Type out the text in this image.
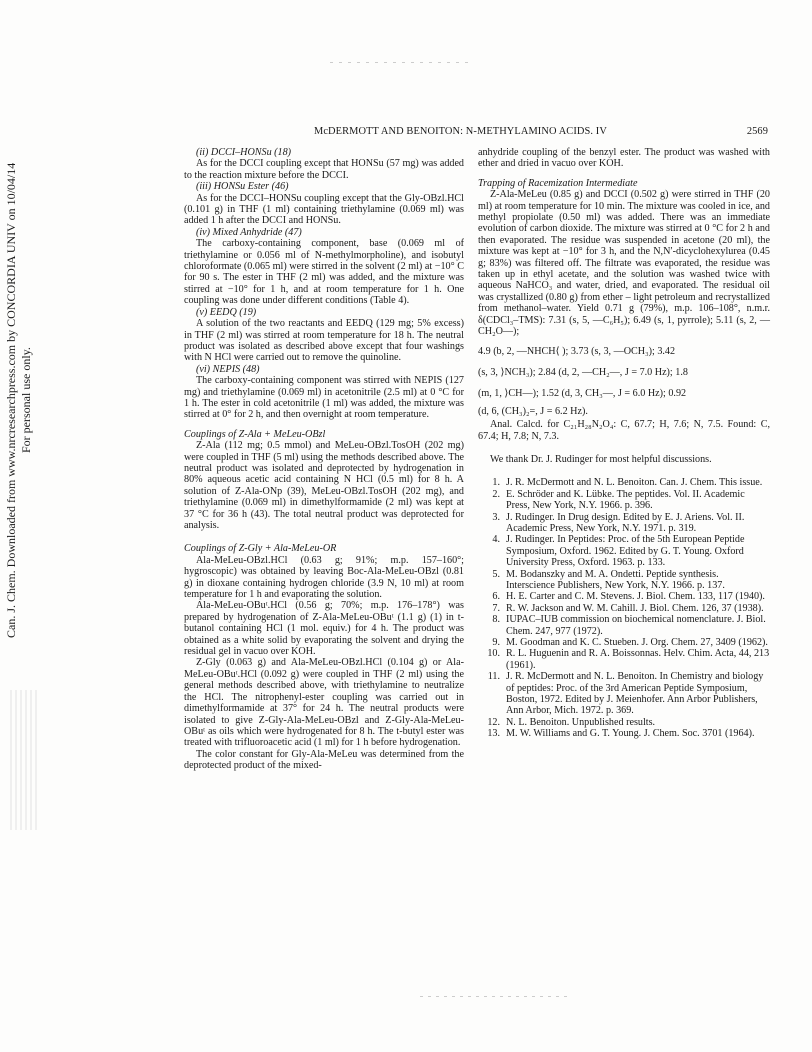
Can. J. Chem. Downloaded from www.nrcresearchpress.com by CONCORDIA UNIV on 10/04/14
For personal use only.
McDERMOTT AND BENOITON: N-METHYLAMINO ACIDS. IV	2569
(ii) DCCI–HONSu (18)

As for the DCCI coupling except that HONSu (57 mg) was added to the reaction mixture before the DCCI.

(iii) HONSu Ester (46)

As for the DCCI–HONSu coupling except that the Gly-OBzl.HCl (0.101 g) in THF (1 ml) containing triethylamine (0.069 ml) was added 1 h after the DCCI and HONSu.

(iv) Mixed Anhydride (47)

The carboxy-containing component, base (0.069 ml of triethylamine or 0.056 ml of N-methylmorpholine), and isobutyl chloroformate (0.065 ml) were stirred in the solvent (2 ml) at −10° C for 90 s. The ester in THF (2 ml) was added, and the mixture was stirred at −10° for 1 h, and at room temperature for 1 h. One coupling was done under different conditions (Table 4).

(v) EEDQ (19)

A solution of the two reactants and EEDQ (129 mg; 5% excess) in THF (2 ml) was stirred at room temperature for 18 h. The neutral product was isolated as described above except that four washings with N HCl were carried out to remove the quinoline.

(vi) NEPIS (48)

The carboxy-containing component was stirred with NEPIS (127 mg) and triethylamine (0.069 ml) in acetonitrile (2.5 ml) at 0 °C for 1 h. The ester in cold acetonitrile (1 ml) was added, the mixture was stirred at 0° for 2 h, and then overnight at room temperature.

Couplings of Z-Ala + MeLeu-OBzl

Z-Ala (112 mg; 0.5 mmol) and MeLeu-OBzl.TosOH (202 mg) were coupled in THF (5 ml) using the methods described above. The neutral product was isolated and deprotected by hydrogenation in 80% aqueous acetic acid containing N HCl (0.5 ml) for 8 h. A solution of Z-Ala-ONp (39), MeLeu-OBzl.TosOH (202 mg), and triethylamine (0.069 ml) in dimethylformamide (2 ml) was kept at 37 °C for 36 h (43). The total neutral product was deprotected for analysis.

Couplings of Z-Gly + Ala-MeLeu-OR

Ala-MeLeu-OBzl.HCl (0.63 g; 91%; m.p. 157–160°; hygroscopic) was obtained by leaving Boc-Ala-MeLeu-OBzl (0.81 g) in dioxane containing hydrogen chloride (3.9 N, 10 ml) at room temperature for 1 h and evaporating the solution.

Ala-MeLeu-OBuᵗ.HCl (0.56 g; 70%; m.p. 176–178°) was prepared by hydrogenation of Z-Ala-MeLeu-OBuᵗ (1.1 g) (1) in t-butanol containing HCl (1 mol. equiv.) for 4 h. The product was obtained as a white solid by evaporating the solvent and drying the residual gel in vacuo over KOH.

Z-Gly (0.063 g) and Ala-MeLeu-OBzl.HCl (0.104 g) or Ala-MeLeu-OBuᵗ.HCl (0.092 g) were coupled in THF (2 ml) using the general methods described above, with triethylamine to neutralize the HCl. The nitrophenyl-ester coupling was carried out in dimethylformamide at 37° for 24 h. The neutral products were isolated to give Z-Gly-Ala-MeLeu-OBzl and Z-Gly-Ala-MeLeu-OBuᵗ as oils which were hydrogenated for 8 h. The t-butyl ester was treated with trifluoroacetic acid (1 ml) for 1 h before hydrogenation.

The color constant for Gly-Ala-MeLeu was determined from the deprotected product of the mixed-

anhydride coupling of the benzyl ester. The product was washed with ether and dried in vacuo over KOH.

Trapping of Racemization Intermediate

Z-Ala-MeLeu (0.85 g) and DCCI (0.502 g) were stirred in THF (20 ml) at room temperature for 10 min. The mixture was cooled in ice, and methyl propiolate (0.50 ml) was added. There was an immediate evolution of carbon dioxide. The mixture was stirred at 0 °C for 2 h and then evaporated. The residue was suspended in acetone (20 ml), the mixture was kept at −10° for 3 h, and the N,N′-dicyclohexylurea (0.45 g; 83%) was filtered off. The filtrate was evaporated, the residue was taken up in ethyl acetate, and the solution was washed twice with aqueous NaHCO₃ and water, dried, and evaporated. The residual oil was crystallized (0.80 g) from ether – light petroleum and recrystallized from methanol–water. Yield 0.71 g (79%), m.p. 106–108°, n.m.r. δ(CDCl₃–TMS): 7.31 (s, 5, —C₆H₅); 6.49 (s, 1, pyrrole); 5.11 (s, 2, —CH₂O—);

4.9 (b, 2, —NHCH⟨ ); 3.73 (s, 3, —OCH₃); 3.42
(s, 3, ⟩NCH₃); 2.84 (d, 2, —CH₂—, J = 7.0 Hz); 1.8
(m, 1, ⟩CH—); 1.52 (d, 3, CH₃—, J = 6.0 Hz); 0.92
(d, 6, (CH₃)₂=, J = 6.2 Hz).

Anal. Calcd. for C₂₁H₂₈N₂O₄: C, 67.7; H, 7.6; N, 7.5. Found: C, 67.4; H, 7.8; N, 7.3.

We thank Dr. J. Rudinger for most helpful discussions.

1. J. R. McDermott and N. L. Benoiton. Can. J. Chem. This issue.
2. E. Schröder and K. Lübke. The peptides. Vol. II. Academic Press, New York, N.Y. 1966. p. 396.
3. J. Rudinger. In Drug design. Edited by E. J. Ariens. Vol. II. Academic Press, New York, N.Y. 1971. p. 319.
4. J. Rudinger. In Peptides: Proc. of the 5th European Peptide Symposium, Oxford. 1962. Edited by G. T. Young. Oxford University Press, Oxford. 1963. p. 133.
5. M. Bodanszky and M. A. Ondetti. Peptide synthesis. Interscience Publishers, New York, N.Y. 1966. p. 137.
6. H. E. Carter and C. M. Stevens. J. Biol. Chem. 133, 117 (1940).
7. R. W. Jackson and W. M. Cahill. J. Biol. Chem. 126, 37 (1938).
8. IUPAC–IUB commission on biochemical nomenclature. J. Biol. Chem. 247, 977 (1972).
9. M. Goodman and K. C. Stueben. J. Org. Chem. 27, 3409 (1962).
10. R. L. Huguenin and R. A. Boissonnas. Helv. Chim. Acta, 44, 213 (1961).
11. J. R. McDermott and N. L. Benoiton. In Chemistry and biology of peptides: Proc. of the 3rd American Peptide Symposium, Boston, 1972. Edited by J. Meienhofer. Ann Arbor Publishers, Ann Arbor, Mich. 1972. p. 369.
12. N. L. Benoiton. Unpublished results.
13. M. W. Williams and G. T. Young. J. Chem. Soc. 3701 (1964).
